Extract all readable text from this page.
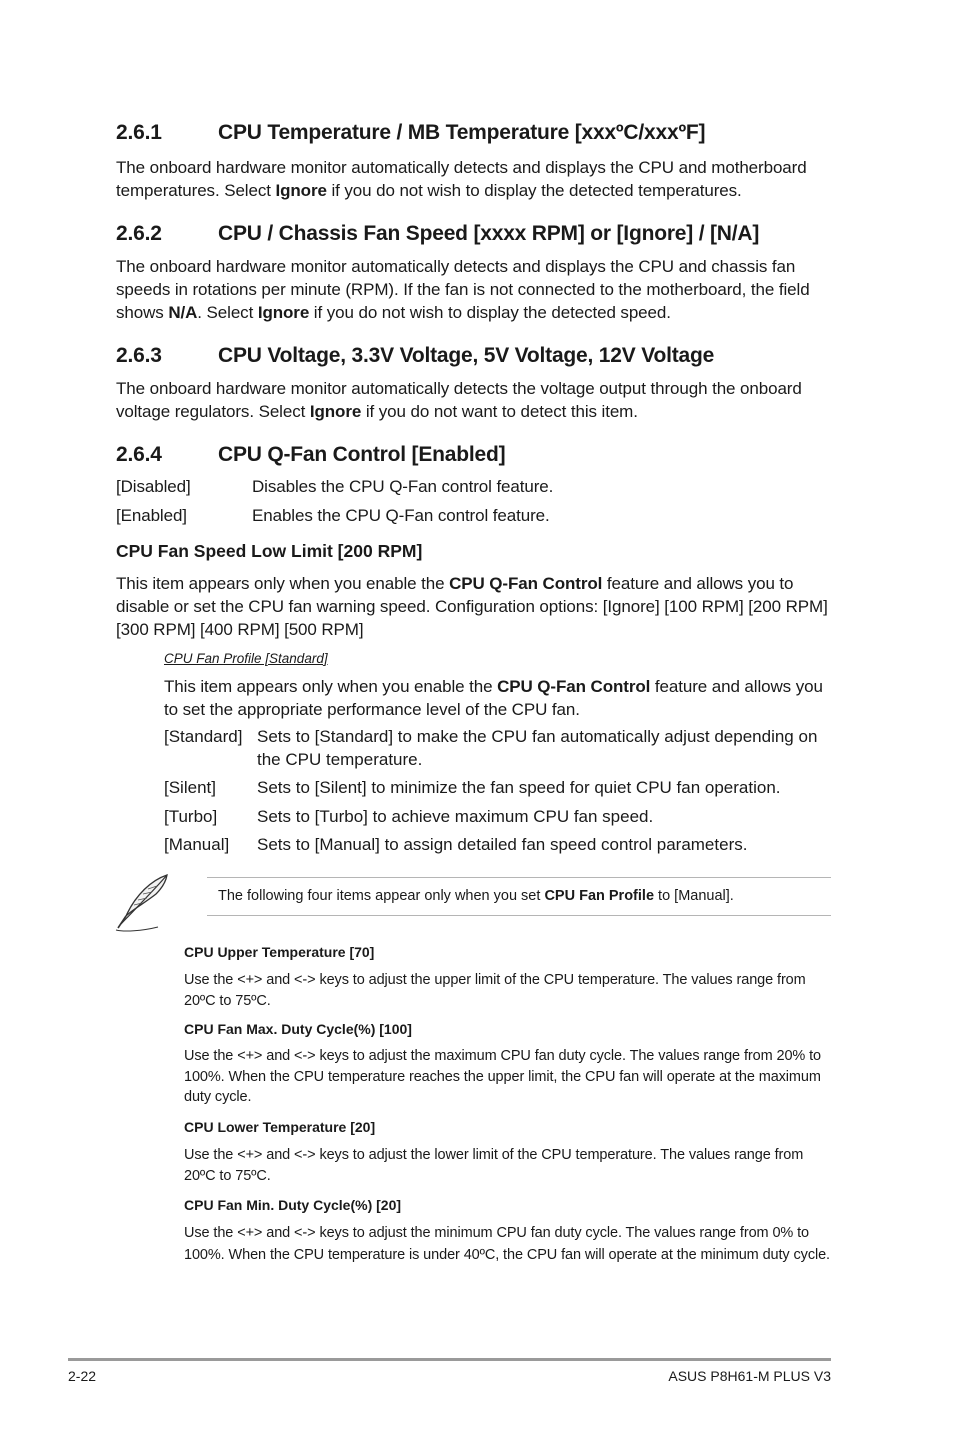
2.6.1	CPU Temperature / MB Temperature [xxxºC/xxxºF]
The onboard hardware monitor automatically detects and displays the CPU and motherboard temperatures. Select Ignore if you do not wish to display the detected temperatures.
2.6.2	CPU / Chassis Fan Speed [xxxx RPM] or [Ignore] / [N/A]
The onboard hardware monitor automatically detects and displays the CPU and chassis fan speeds in rotations per minute (RPM). If the fan is not connected to the motherboard, the field shows N/A. Select Ignore if you do not wish to display the detected speed.
2.6.3	CPU Voltage, 3.3V Voltage, 5V Voltage, 12V Voltage
The onboard hardware monitor automatically detects the voltage output through the onboard voltage regulators. Select Ignore if you do not want to detect this item.
2.6.4	CPU Q-Fan Control [Enabled]
[Disabled]	Disables the CPU Q-Fan control feature.
[Enabled]	Enables the CPU Q-Fan control feature.
CPU Fan Speed Low Limit [200 RPM]
This item appears only when you enable the CPU Q-Fan Control feature and allows you to disable or set the CPU fan warning speed. Configuration options: [Ignore] [100 RPM] [200 RPM] [300 RPM] [400 RPM] [500 RPM]
CPU Fan Profile [Standard]
This item appears only when you enable the CPU Q-Fan Control feature and allows you to set the appropriate performance level of the CPU fan.
[Standard] Sets to [Standard] to make the CPU fan automatically adjust depending on the CPU temperature.
[Silent] Sets to [Silent] to minimize the fan speed for quiet CPU fan operation.
[Turbo] Sets to [Turbo] to achieve maximum CPU fan speed.
[Manual] Sets to [Manual] to assign detailed fan speed control parameters.
The following four items appear only when you set CPU Fan Profile to [Manual].
CPU Upper Temperature [70]
Use the <+> and <-> keys to adjust the upper limit of the CPU temperature. The values range from 20ºC to 75ºC.
CPU Fan Max. Duty Cycle(%) [100]
Use the <+> and <-> keys to adjust the maximum CPU fan duty cycle. The values range from 20% to 100%. When the CPU temperature reaches the upper limit, the CPU fan will operate at the maximum duty cycle.
CPU Lower Temperature [20]
Use the <+> and <-> keys to adjust the lower limit of the CPU temperature. The values range from 20ºC to 75ºC.
CPU Fan Min. Duty Cycle(%) [20]
Use the <+> and <-> keys to adjust the minimum CPU fan duty cycle. The values range from 0% to 100%. When the CPU temperature is under 40ºC, the CPU fan will operate at the minimum duty cycle.
2-22	ASUS P8H61-M PLUS V3
